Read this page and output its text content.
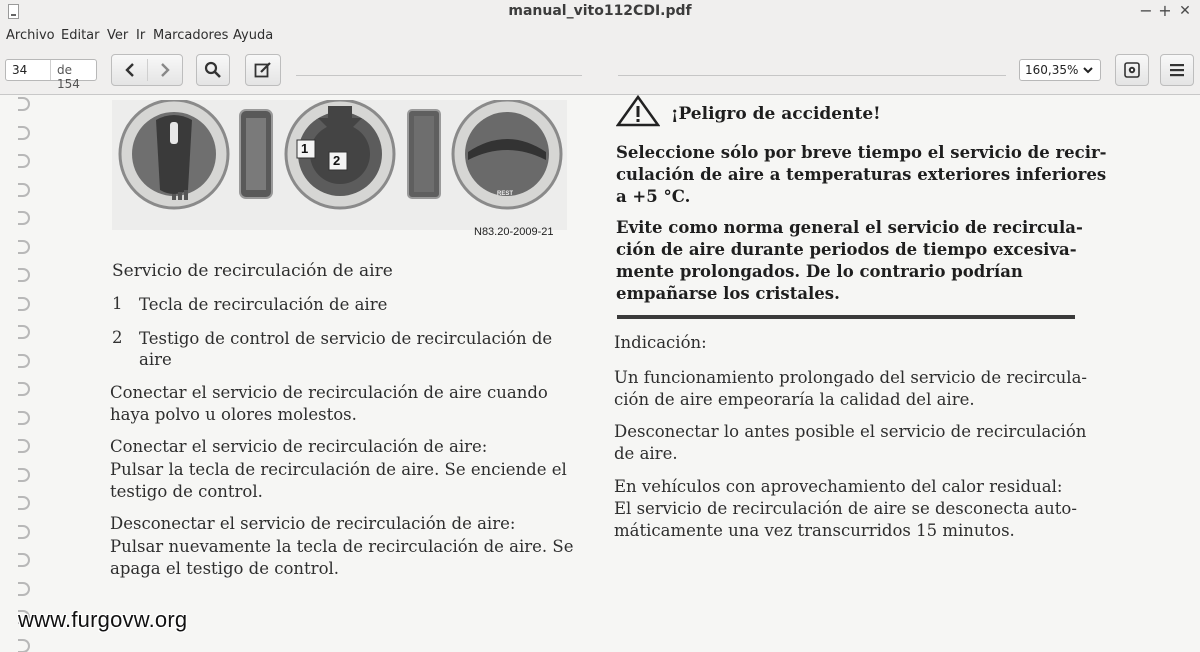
manual_vito112CDI.pdf	− + ✕
Archivo Editar Ver Ir Marcadores Ayuda
34 de 154
160,35%
1
2
REST
N83.20-2009-21
Servicio de recirculación de aire
1 Tecla de recirculación de aire
2 Testigo de control de servicio de recirculación de
aire
Conectar el servicio de recirculación de aire cuando
haya polvo u olores molestos.
Conectar el servicio de recirculación de aire:
Pulsar la tecla de recirculación de aire. Se enciende el
testigo de control.
Desconectar el servicio de recirculación de aire:
Pulsar nuevamente la tecla de recirculación de aire. Se
apaga el testigo de control.
¡Peligro de accidente!
Seleccione sólo por breve tiempo el servicio de recir-
culación de aire a temperaturas exteriores inferiores
a +5 °C.
Evite como norma general el servicio de recircula-
ción de aire durante periodos de tiempo excesiva-
mente prolongados. De lo contrario podrían
empañarse los cristales.
Indicación:
Un funcionamiento prolongado del servicio de recircula-
ción de aire empeoraría la calidad del aire.
Desconectar lo antes posible el servicio de recirculación
de aire.
En vehículos con aprovechamiento del calor residual:
El servicio de recirculación de aire se desconecta auto-
máticamente una vez transcurridos 15 minutos.
www.furgovw.org
